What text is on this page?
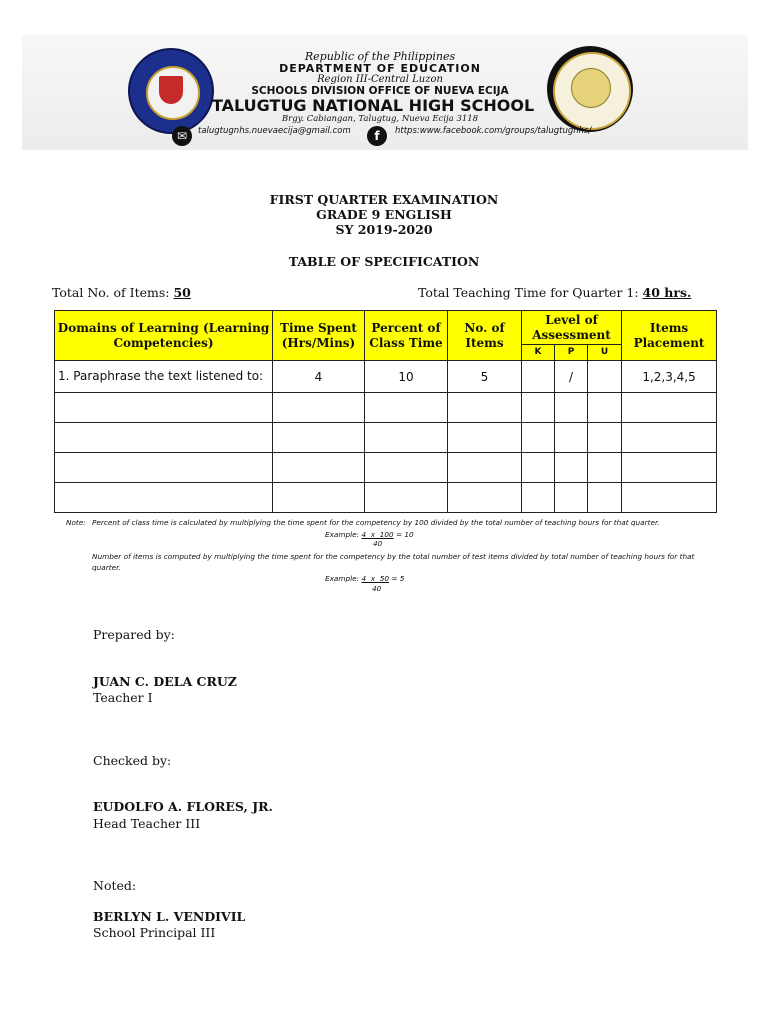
Republic of the Philippines
DEPARTMENT OF EDUCATION
Region III-Central Luzon
SCHOOLS DIVISION OFFICE OF NUEVA ECIJA
TALUGTUG NATIONAL HIGH SCHOOL
Brgy. Cabiangan, Talugtug, Nueva Ecija 3118
✉	talugtugnhs.nuevaecija@gmail.com	f	https:www.facebook.com/groups/talugtugnhs/
FIRST QUARTER EXAMINATION
GRADE 9 ENGLISH
SY 2019-2020
TABLE OF SPECIFICATION
Total No. of Items: 50	Total Teaching Time for Quarter 1: 40 hrs.
Domains of Learning (Learning Competencies)	Time Spent (Hrs/Mins)	Percent of Class Time	No. of Items	Level of Assessment			Items Placement
				K	P	U	
1. Paraphrase the text listened to:	4	10	5		/		1,2,3,4,5

Note: Percent of class time is calculated by multiplying the time spent for the competency by 100 divided by the total number of teaching hours for that quarter.
Example: 4  x  100 = 10
40
Number of items is computed by multiplying the time spent for the competency by the total number of test items divided by total number of teaching hours for that quarter.
Example: 4  x  50 = 5
40
Prepared by:
JUAN C. DELA CRUZ
Teacher I
Checked by:
EUDOLFO A. FLORES, JR.
Head Teacher III
Noted:
BERLYN L. VENDIVIL
School Principal III
